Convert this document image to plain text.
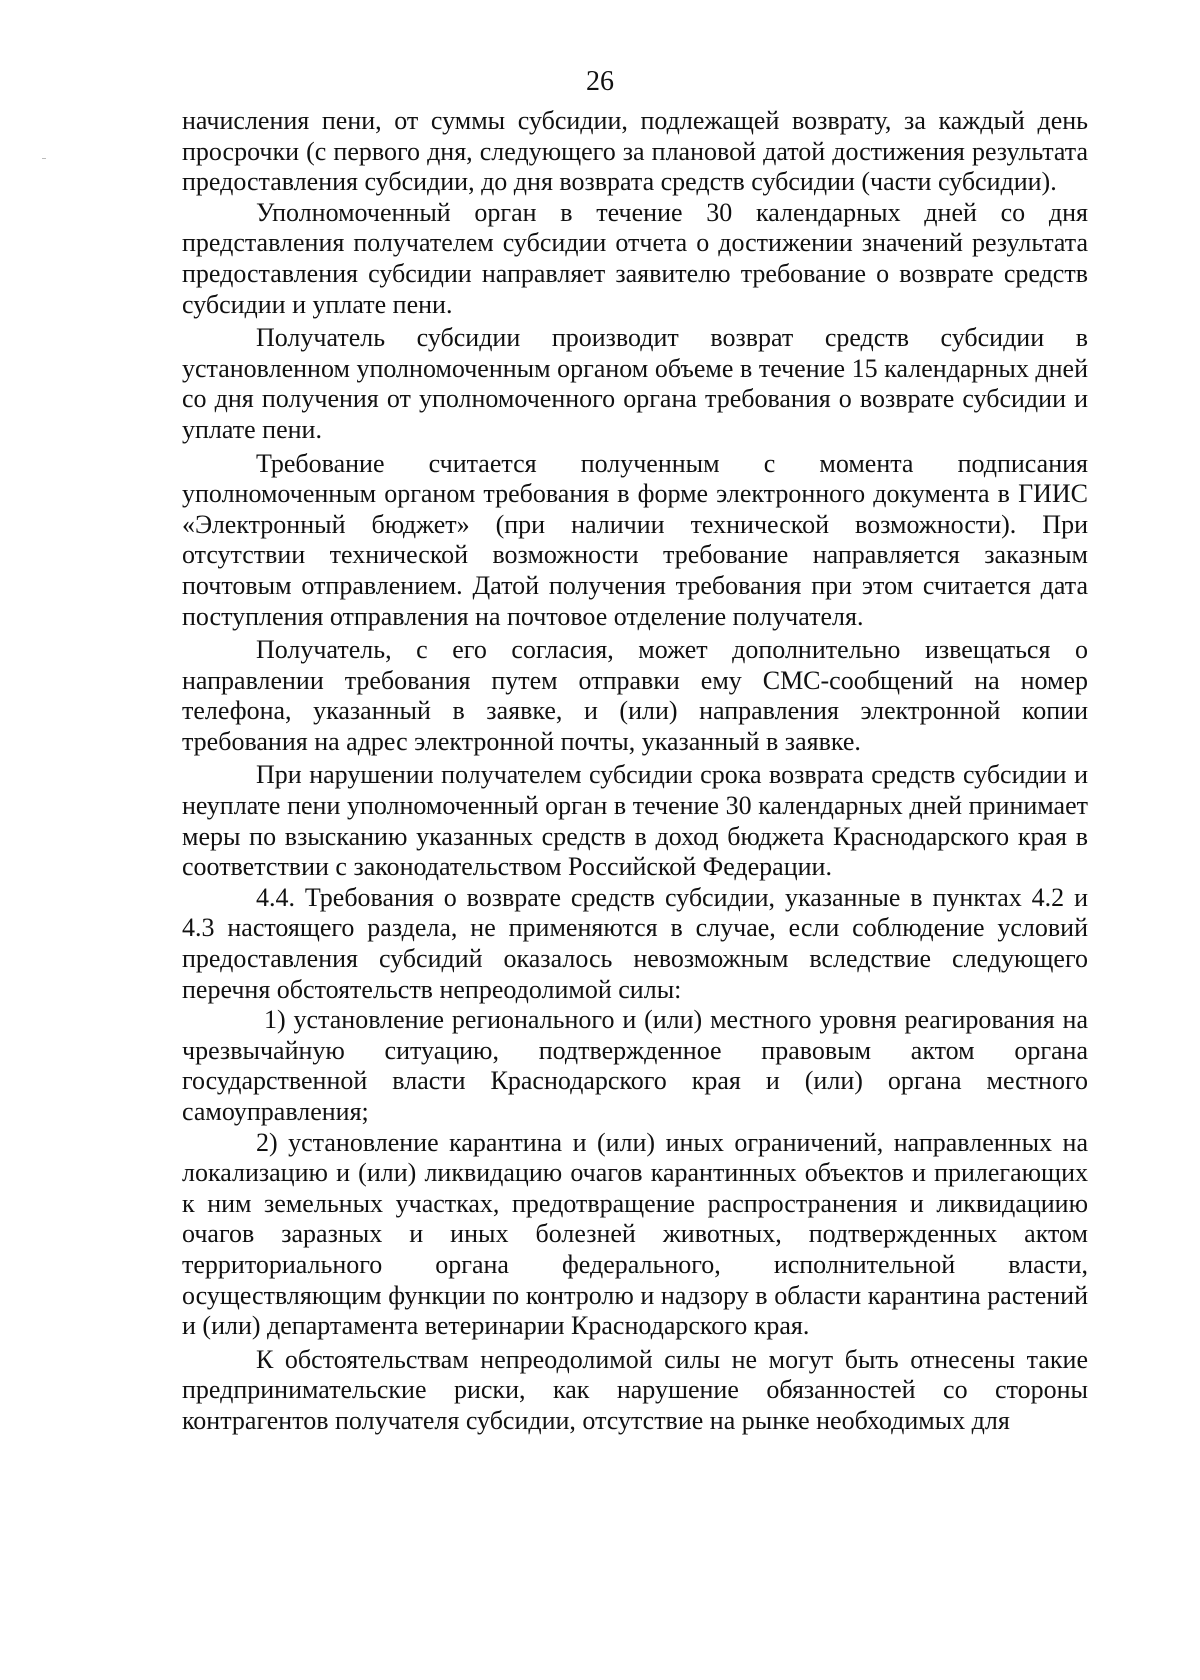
26

начисления пени, от суммы субсидии, подлежащей возврату, за каждый день просрочки (с первого дня, следующего за плановой датой достижения результата предоставления субсидии, до дня возврата средств субсидии (части субсидии).

Уполномоченный орган в течение 30 календарных дней со дня представления получателем субсидии отчета о достижении значений результата предоставления субсидии направляет заявителю требование о возврате средств субсидии и уплате пени.

Получатель субсидии производит возврат средств субсидии в установленном уполномоченным органом объеме в течение 15 календарных дней со дня получения от уполномоченного органа требования о возврате субсидии и уплате пени.

Требование считается полученным с момента подписания уполномоченным органом требования в форме электронного документа в ГИИС «Электронный бюджет» (при наличии технической возможности). При отсутствии технической возможности требование направляется заказным почтовым отправлением. Датой получения требования при этом считается дата поступления отправления на почтовое отделение получателя.

Получатель, с его согласия, может дополнительно извещаться о направлении требования путем отправки ему СМС-сообщений на номер телефона, указанный в заявке, и (или) направления электронной копии требования на адрес электронной почты, указанный в заявке.

При нарушении получателем субсидии срока возврата средств субсидии и неуплате пени уполномоченный орган в течение 30 календарных дней принимает меры по взысканию указанных средств в доход бюджета Краснодарского края в соответствии с законодательством Российской Федерации.

4.4. Требования о возврате средств субсидии, указанные в пунктах 4.2 и 4.3 настоящего раздела, не применяются в случае, если соблюдение условий предоставления субсидий оказалось невозможным вследствие следующего перечня обстоятельств непреодолимой силы:

1) установление регионального и (или) местного уровня реагирования на чрезвычайную ситуацию, подтвержденное правовым актом органа государственной власти Краснодарского края и (или) органа местного самоуправления;

2) установление карантина и (или) иных ограничений, направленных на локализацию и (или) ликвидацию очагов карантинных объектов и прилегающих к ним земельных участках, предотвращение распространения и ликвидациию очагов заразных и иных болезней животных, подтвержденных актом территориального органа федерального, исполнительной власти, осуществляющим функции по контролю и надзору в области карантина растений и (или) департамента ветеринарии Краснодарского края.

К обстоятельствам непреодолимой силы не могут быть отнесены такие предпринимательские риски, как нарушение обязанностей со стороны контрагентов получателя субсидии, отсутствие на рынке необходимых для
